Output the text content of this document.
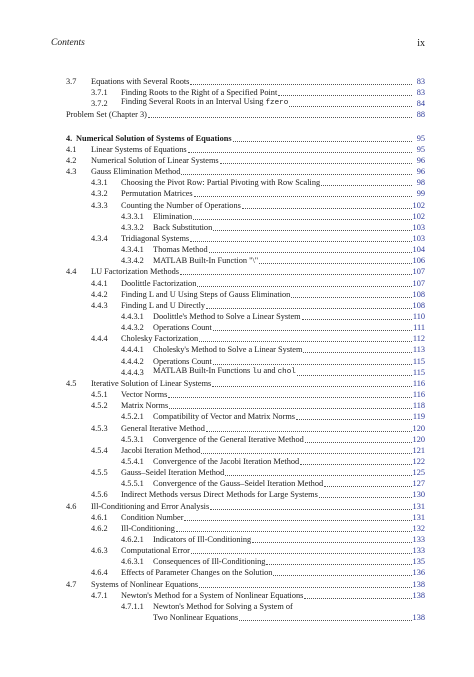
Contents	ix
3.7	Equations with Several Roots	83
3.7.1	Finding Roots to the Right of a Specified Point	83
3.7.2	Finding Several Roots in an Interval Using fzero	84
Problem Set (Chapter 3)	88
4. Numerical Solution of Systems of Equations	95
4.1	Linear Systems of Equations	95
4.2	Numerical Solution of Linear Systems	96
4.3	Gauss Elimination Method	96
4.3.1	Choosing the Pivot Row: Partial Pivoting with Row Scaling	98
4.3.2	Permutation Matrices	99
4.3.3	Counting the Number of Operations	102
4.3.3.1	Elimination	102
4.3.3.2	Back Substitution	103
4.3.4	Tridiagonal Systems	103
4.3.4.1	Thomas Method	104
4.3.4.2	MATLAB Built-In Function "\"	106
4.4	LU Factorization Methods	107
4.4.1	Doolittle Factorization	107
4.4.2	Finding L and U Using Steps of Gauss Elimination	108
4.4.3	Finding L and U Directly	108
4.4.3.1	Doolittle's Method to Solve a Linear System	110
4.4.3.2	Operations Count	111
4.4.4	Cholesky Factorization	112
4.4.4.1	Cholesky's Method to Solve a Linear System	113
4.4.4.2	Operations Count	115
4.4.4.3	MATLAB Built-In Functions lu and chol	115
4.5	Iterative Solution of Linear Systems	116
4.5.1	Vector Norms	116
4.5.2	Matrix Norms	118
4.5.2.1	Compatibility of Vector and Matrix Norms	119
4.5.3	General Iterative Method	120
4.5.3.1	Convergence of the General Iterative Method	120
4.5.4	Jacobi Iteration Method	121
4.5.4.1	Convergence of the Jacobi Iteration Method	122
4.5.5	Gauss–Seidel Iteration Method	125
4.5.5.1	Convergence of the Gauss–Seidel Iteration Method	127
4.5.6	Indirect Methods versus Direct Methods for Large Systems	130
4.6	Ill-Conditioning and Error Analysis	131
4.6.1	Condition Number	131
4.6.2	Ill-Conditioning	132
4.6.2.1	Indicators of Ill-Conditioning	133
4.6.3	Computational Error	133
4.6.3.1	Consequences of Ill-Conditioning	135
4.6.4	Effects of Parameter Changes on the Solution	136
4.7	Systems of Nonlinear Equations	138
4.7.1	Newton's Method for a System of Nonlinear Equations	138
4.7.1.1	Newton's Method for Solving a System of
Two Nonlinear Equations	138
